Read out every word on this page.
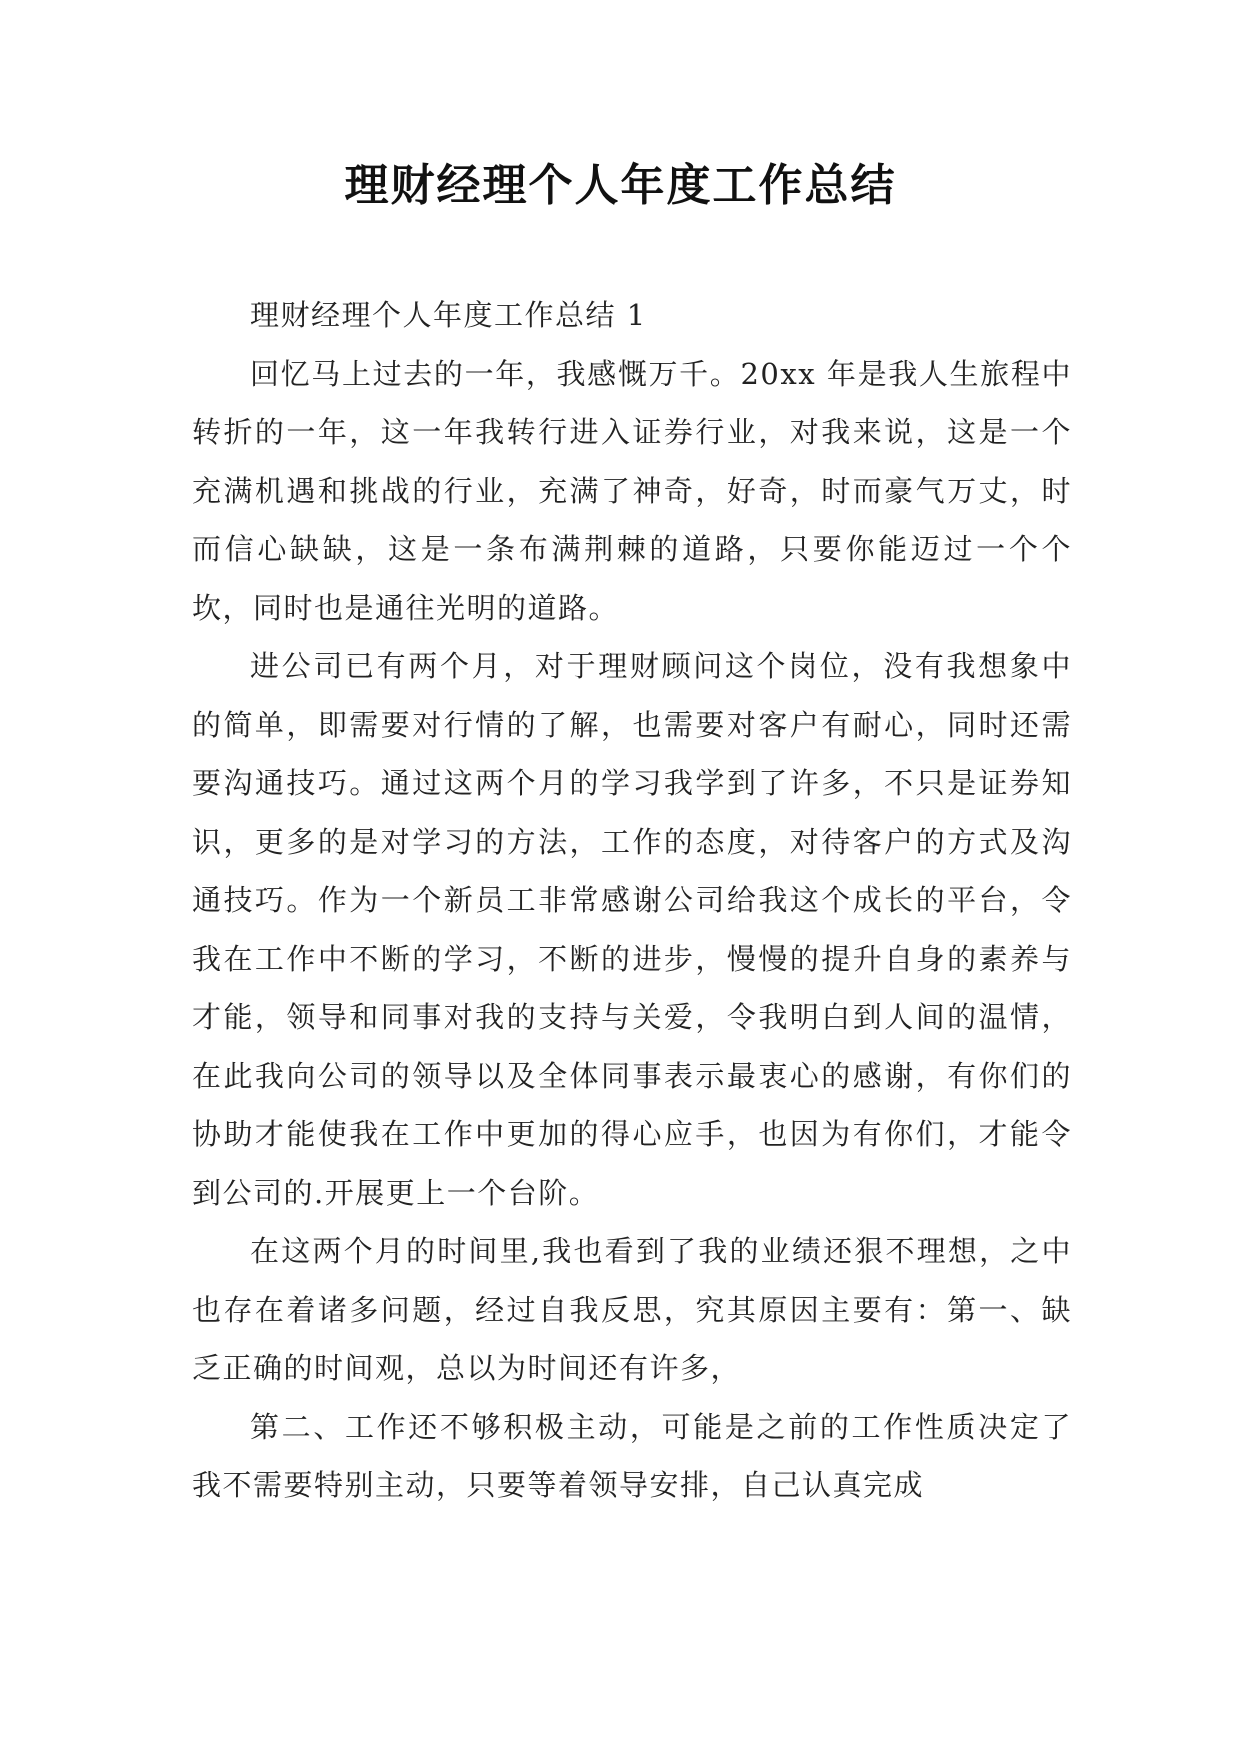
理财经理个人年度工作总结

理财经理个人年度工作总结 1

回忆马上过去的一年，我感慨万千。20xx 年是我人生旅程中转折的一年，这一年我转行进入证券行业，对我来说，这是一个充满机遇和挑战的行业，充满了神奇，好奇，时而豪气万丈，时而信心缺缺，这是一条布满荆棘的道路，只要你能迈过一个个坎，同时也是通往光明的道路。

进公司已有两个月，对于理财顾问这个岗位，没有我想象中的简单，即需要对行情的了解，也需要对客户有耐心，同时还需要沟通技巧。通过这两个月的学习我学到了许多，不只是证券知识，更多的是对学习的方法，工作的态度，对待客户的方式及沟通技巧。作为一个新员工非常感谢公司给我这个成长的平台，令我在工作中不断的学习，不断的进步，慢慢的提升自身的素养与才能，领导和同事对我的支持与关爱，令我明白到人间的温情，在此我向公司的领导以及全体同事表示最衷心的感谢，有你们的协助才能使我在工作中更加的得心应手，也因为有你们，才能令到公司的.开展更上一个台阶。

在这两个月的时间里,我也看到了我的业绩还狠不理想，之中也存在着诸多问题，经过自我反思，究其原因主要有：第一、缺乏正确的时间观，总以为时间还有许多，

第二、工作还不够积极主动，可能是之前的工作性质决定了我不需要特别主动，只要等着领导安排，自己认真完成
